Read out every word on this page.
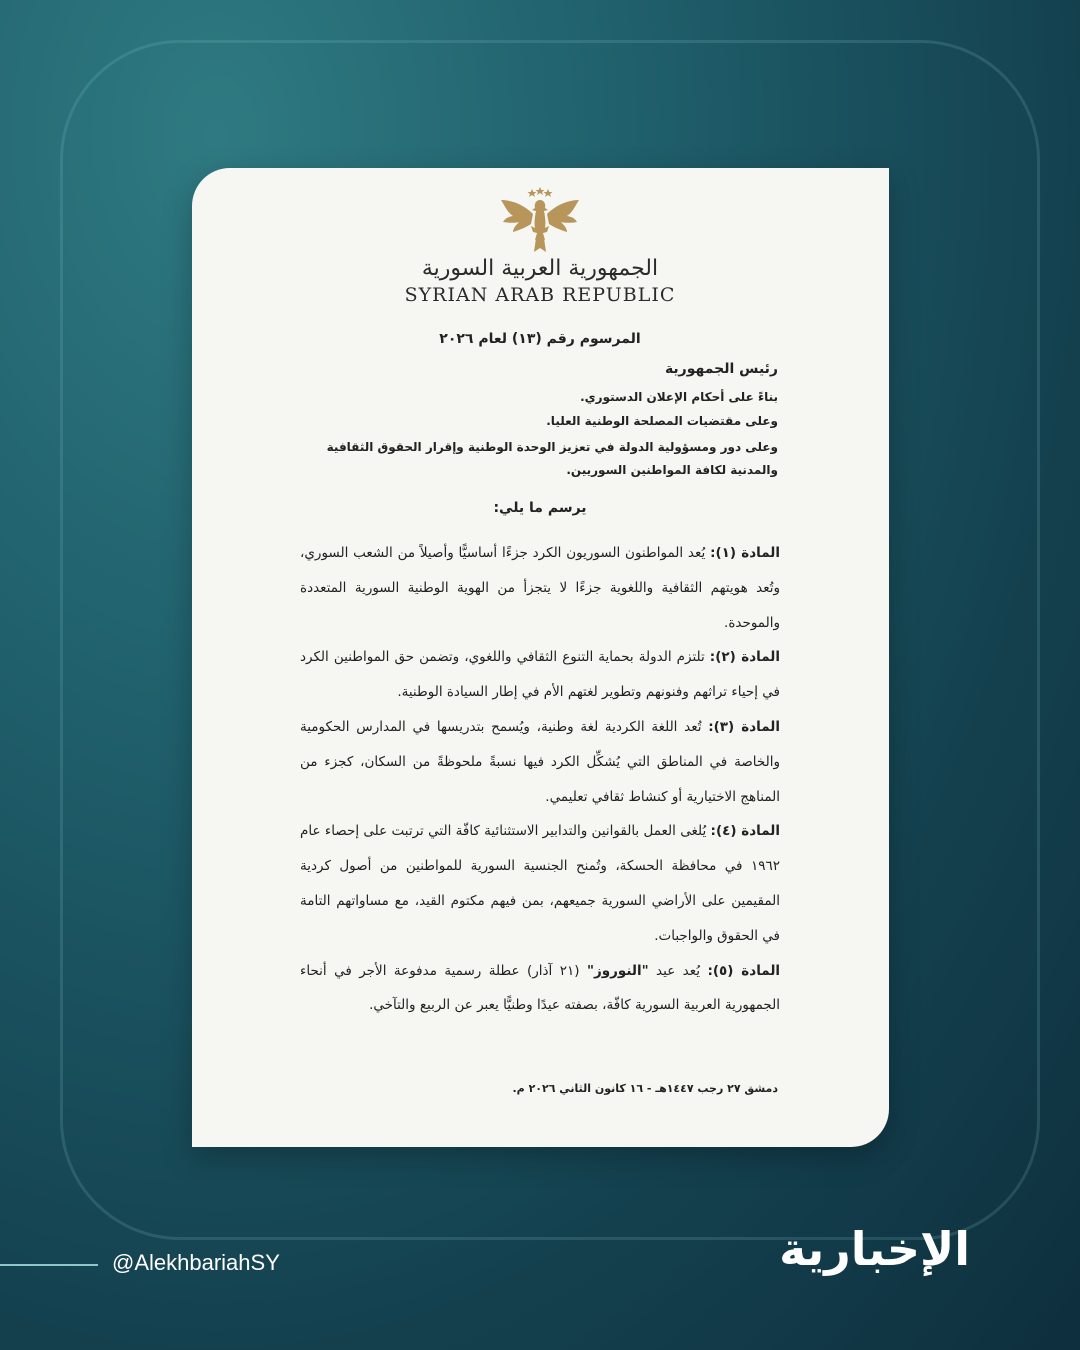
الجمهورية العربية السورية
SYRIAN ARAB REPUBLIC
المرسوم رقم (١٣) لعام ٢٠٢٦
رئيس الجمهورية
بناءً على أحكام الإعلان الدستوري.
وعلى مقتضيات المصلحة الوطنية العليا.
وعلى دور ومسؤولية الدولة في تعزيز الوحدة الوطنية وإقرار الحقوق الثقافية والمدنية لكافة المواطنين السوريين.
يرسم ما يلي:

المادة (١): يُعد المواطنون السوريون الكرد جزءًا أساسيًّا وأصيلاً من الشعب السوري، وتُعد هويتهم الثقافية واللغوية جزءًا لا يتجزأ من الهوية الوطنية السورية المتعددة والموحدة.

المادة (٢): تلتزم الدولة بحماية التنوع الثقافي واللغوي، وتضمن حق المواطنين الكرد في إحياء تراثهم وفنونهم وتطوير لغتهم الأم في إطار السيادة الوطنية.

المادة (٣): تُعد اللغة الكردية لغة وطنية، ويُسمح بتدريسها في المدارس الحكومية والخاصة في المناطق التي يُشكِّل الكرد فيها نسبةً ملحوظةً من السكان، كجزء من المناهج الاختيارية أو كنشاط ثقافي تعليمي.

المادة (٤): يُلغى العمل بالقوانين والتدابير الاستثنائية كافّة التي ترتبت على إحصاء عام ١٩٦٢ في محافظة الحسكة، وتُمنح الجنسية السورية للمواطنين من أصول كردية المقيمين على الأراضي السورية جميعهم، بمن فيهم مكتوم القيد، مع مساواتهم التامة في الحقوق والواجبات.

المادة (٥): يُعد عيد "النوروز" (٢١ آذار) عطلة رسمية مدفوعة الأجر في أنحاء الجمهورية العربية السورية كافّة، بصفته عيدًا وطنيًّا يعبر عن الربيع والتآخي.

دمشق ٢٧ رجب ١٤٤٧هـ - ١٦ كانون الثاني ٢٠٢٦ م.
@AlekhbariahSY	الإخبارية
